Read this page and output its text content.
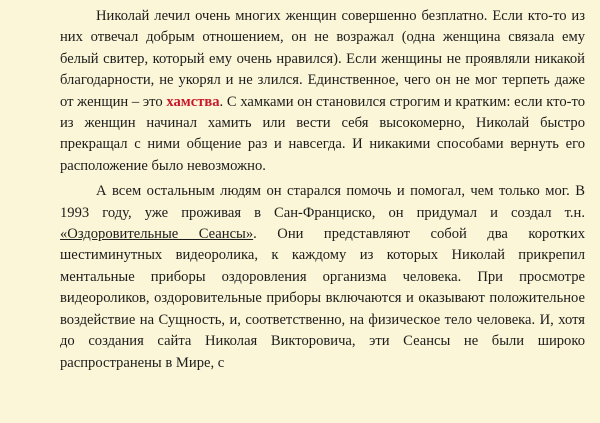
Николай лечил очень многих женщин совершенно безплатно. Если кто-то из них отвечал добрым отношением, он не возражал (одна женщина связала ему белый свитер, который ему очень нравился). Если женщины не проявляли никакой благодарности, не укорял и не злился. Единственное, чего он не мог терпеть даже от женщин – это хамства. С хамками он становился строгим и кратким: если кто-то из женщин начинал хамить или вести себя высокомерно, Николай быстро прекращал с ними общение раз и навсегда. И никакими способами вернуть его расположение было невозможно.

А всем остальным людям он старался помочь и помогал, чем только мог. В 1993 году, уже проживая в Сан-Франциско, он придумал и создал т.н. «Оздоровительные Сеансы». Они представляют собой два коротких шестиминутных видеоролика, к каждому из которых Николай прикрепил ментальные приборы оздоровления организма человека. При просмотре видеороликов, оздоровительные приборы включаются и оказывают положительное воздействие на Сущность, и, соответственно, на физическое тело человека. И, хотя до создания сайта Николая Викторовича, эти Сеансы не были широко распространены в Мире, с
